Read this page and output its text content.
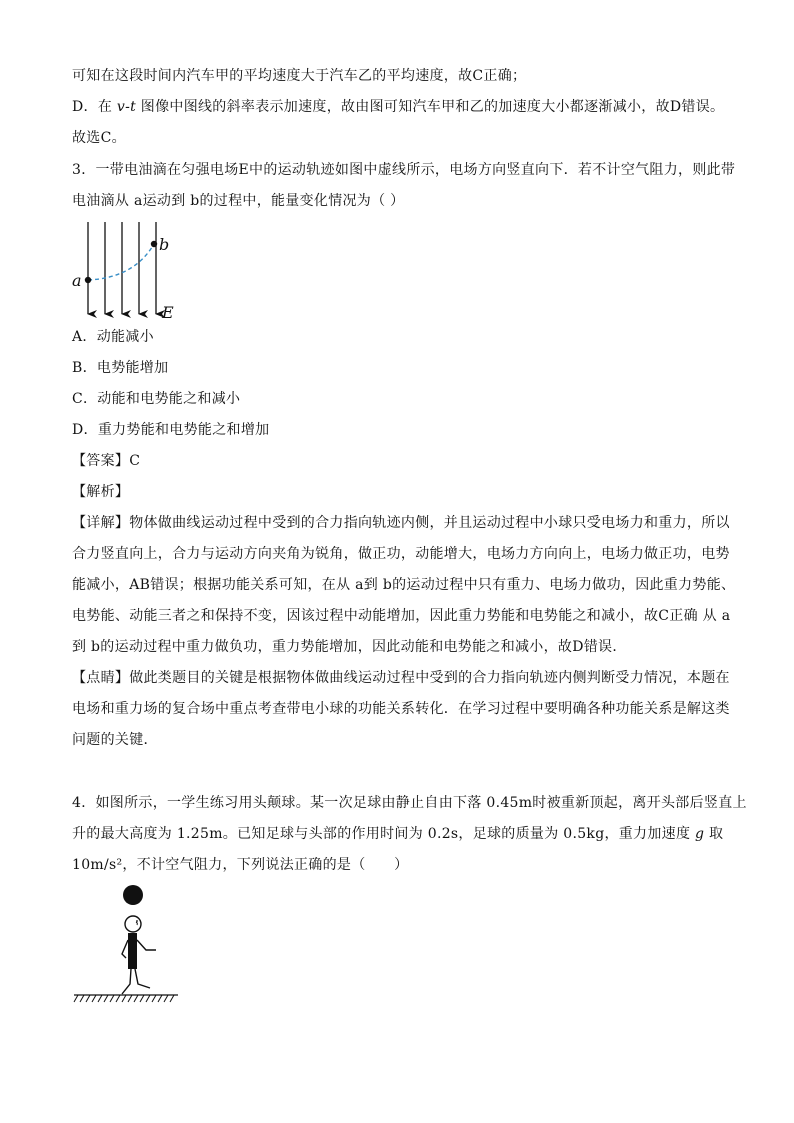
可知在这段时间内汽车甲的平均速度大于汽车乙的平均速度，故C正确；
D．在 v-t 图像中图线的斜率表示加速度，故由图可知汽车甲和乙的加速度大小都逐渐减小，故D错误。
故选C。
3．一带电油滴在匀强电场E中的运动轨迹如图中虚线所示，电场方向竖直向下．若不计空气阻力，则此带
电油滴从 a运动到 b的过程中，能量变化情况为（ ）
a
b
E
A．动能减小
B．电势能增加
C．动能和电势能之和减小
D．重力势能和电势能之和增加
【答案】C
【解析】
【详解】物体做曲线运动过程中受到的合力指向轨迹内侧，并且运动过程中小球只受电场力和重力，所以
合力竖直向上，合力与运动方向夹角为锐角，做正功，动能增大，电场力方向向上，电场力做正功，电势
能减小，AB错误；根据功能关系可知，在从 a到 b的运动过程中只有重力、电场力做功，因此重力势能、
电势能、动能三者之和保持不变，因该过程中动能增加，因此重力势能和电势能之和减小，故C正确 从 a
到 b的运动过程中重力做负功，重力势能增加，因此动能和电势能之和减小，故D错误．
【点睛】做此类题目的关键是根据物体做曲线运动过程中受到的合力指向轨迹内侧判断受力情况，本题在
电场和重力场的复合场中重点考查带电小球的功能关系转化．在学习过程中要明确各种功能关系是解这类
问题的关键．
4．如图所示，一学生练习用头颠球。某一次足球由静止自由下落 0.45m时被重新顶起，离开头部后竖直上
升的最大高度为 1.25m。已知足球与头部的作用时间为 0.2s，足球的质量为 0.5kg，重力加速度 g 取
10m/s²，不计空气阻力，下列说法正确的是（　　）
